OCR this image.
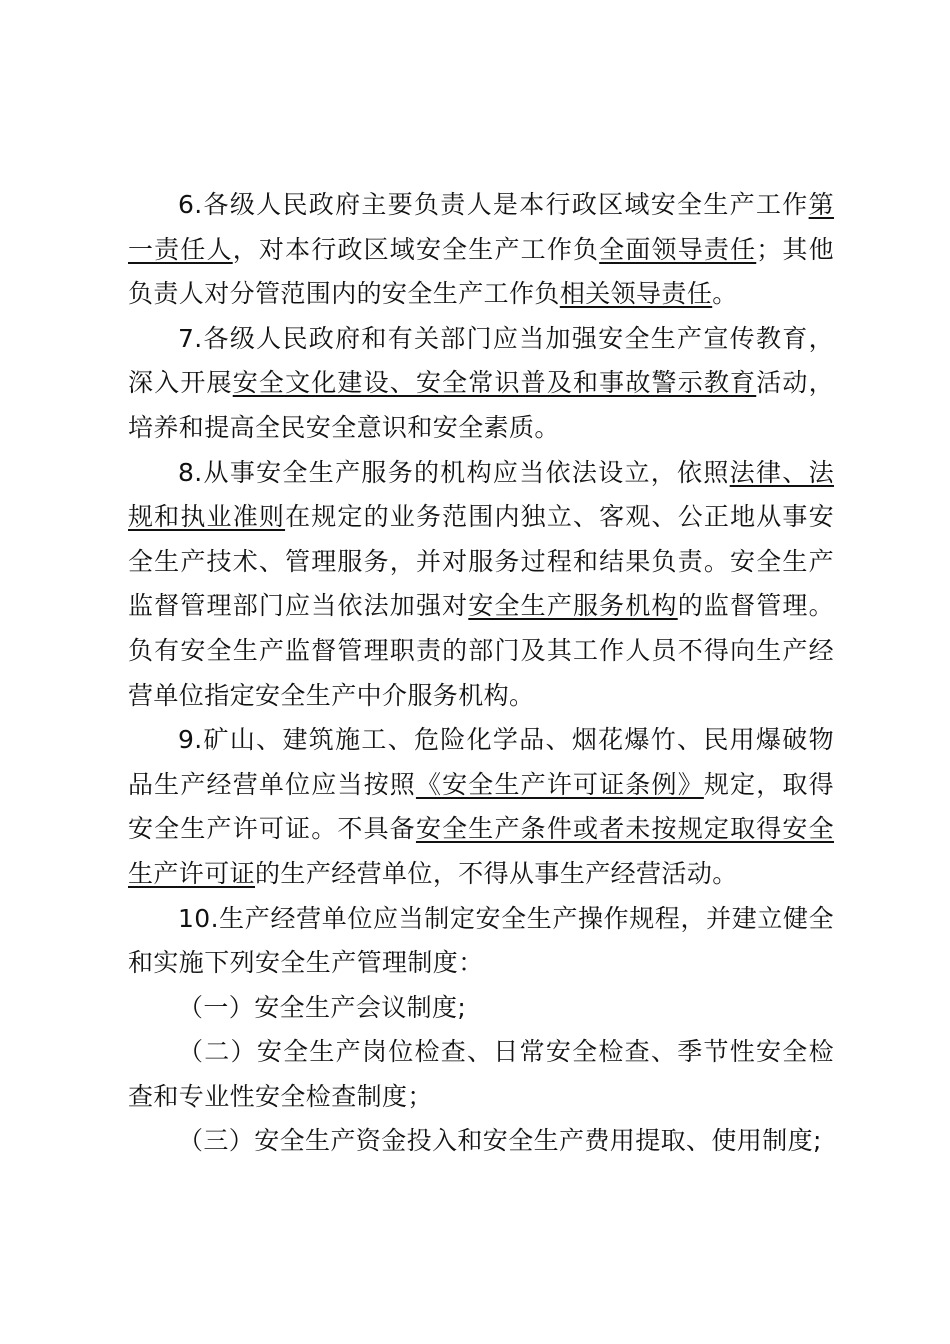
6.各级人民政府主要负责人是本行政区域安全生产工作第一责任人，对本行政区域安全生产工作负全面领导责任；其他负责人对分管范围内的安全生产工作负相关领导责任。

7.各级人民政府和有关部门应当加强安全生产宣传教育，深入开展安全文化建设、安全常识普及和事故警示教育活动，培养和提高全民安全意识和安全素质。

8.从事安全生产服务的机构应当依法设立，依照法律、法规和执业准则在规定的业务范围内独立、客观、公正地从事安全生产技术、管理服务，并对服务过程和结果负责。安全生产监督管理部门应当依法加强对安全生产服务机构的监督管理。负有安全生产监督管理职责的部门及其工作人员不得向生产经营单位指定安全生产中介服务机构。

9.矿山、建筑施工、危险化学品、烟花爆竹、民用爆破物品生产经营单位应当按照《安全生产许可证条例》规定，取得安全生产许可证。不具备安全生产条件或者未按规定取得安全生产许可证的生产经营单位，不得从事生产经营活动。

10.生产经营单位应当制定安全生产操作规程，并建立健全和实施下列安全生产管理制度：

（一）安全生产会议制度;

（二）安全生产岗位检查、日常安全检查、季节性安全检查和专业性安全检查制度；

（三）安全生产资金投入和安全生产费用提取、使用制度;
